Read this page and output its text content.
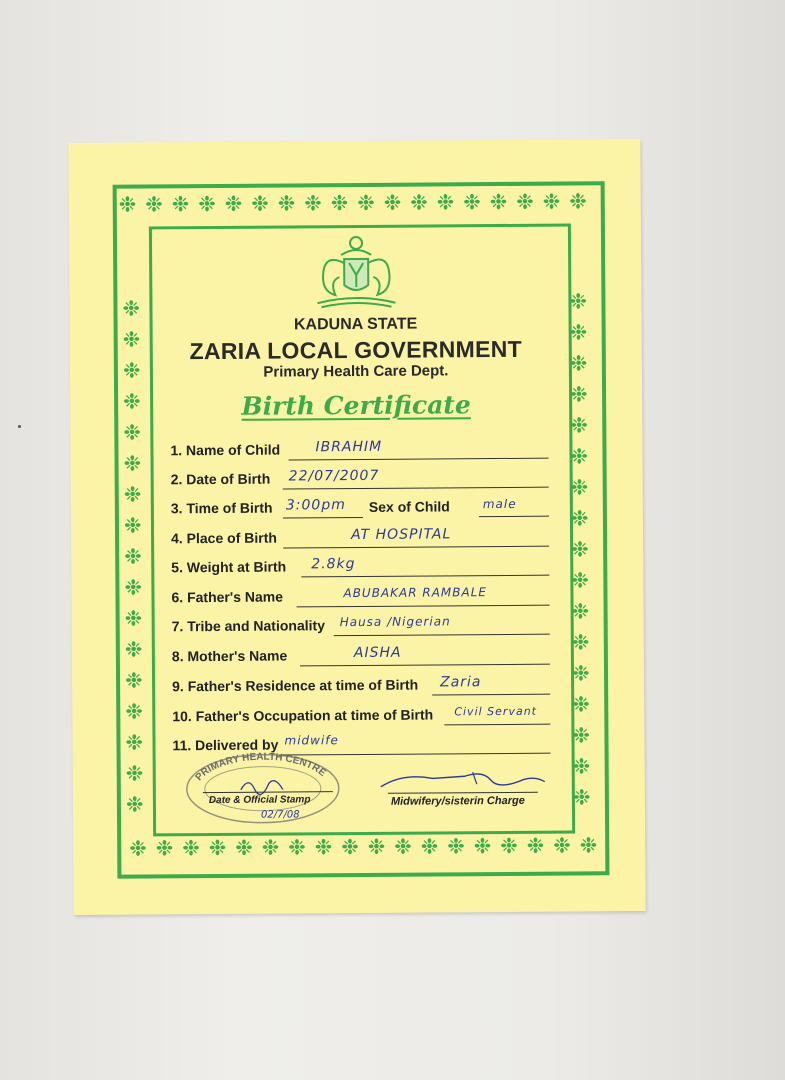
❉ ❉ ❉ ❉ ❉ ❉ ❉ ❉ ❉ ❉ ❉ ❉ ❉ ❉ ❉ ❉ ❉ ❉
❉ ❉ ❉ ❉ ❉ ❉ ❉ ❉ ❉ ❉ ❉ ❉ ❉ ❉ ❉ ❉ ❉ ❉
❉
❉
❉
❉
❉
❉
❉
❉
❉
❉
❉
❉
❉
❉
❉
❉
❉
❉
❉
❉
❉
❉
❉
❉
❉
❉
❉
❉
❉
❉
❉
❉
❉
❉
KADUNA STATE
ZARIA LOCAL GOVERNMENT
Primary Health Care Dept.
Birth Certificate
1. Name of Child	IBRAHIM
2. Date of Birth 22/07/2007
3. Time of Birth 3:00pm Sex of Child	male
4. Place of Birth	AT HOSPITAL
5. Weight at Birth 2.8kg
6. Father's Name	ABUBAKAR RAMBALE
7. Tribe and Nationality Hausa /Nigerian
8. Mother's Name	AISHA
9. Father's Residence at time of Birth Zaria
10. Father's Occupation at time of Birth Civil Servant
11. Delivered by midwife
PRIMARY HEALTH CENTRE
02/7/08
Date & Official Stamp	Midwifery/sisterin Charge
